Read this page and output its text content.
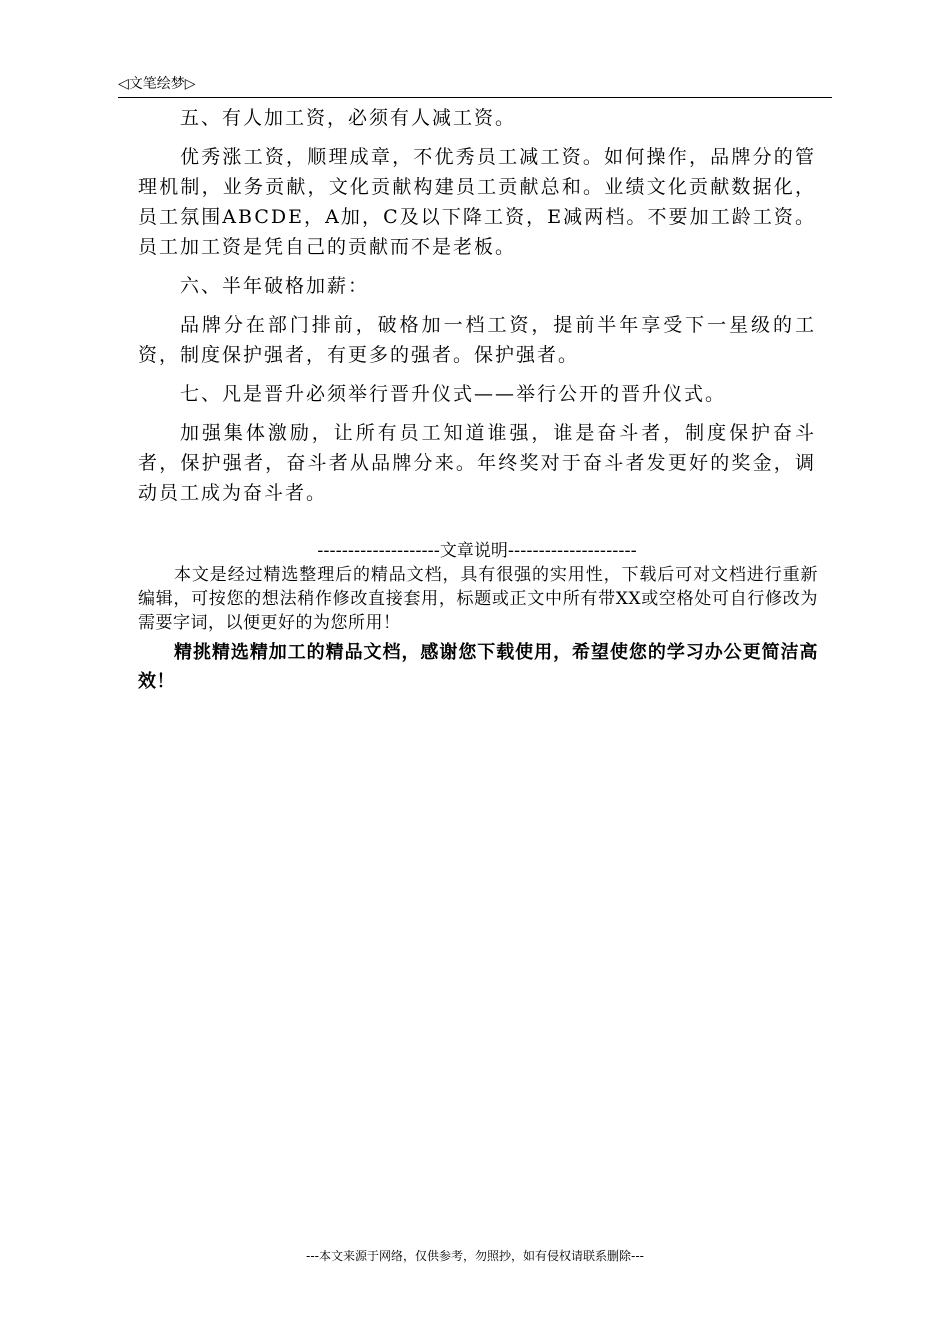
◁文笔绘梦▷

五、有人加工资，必须有人减工资。

优秀涨工资，顺理成章，不优秀员工减工资。如何操作，品牌分的管理机制，业务贡献，文化贡献构建员工贡献总和。业绩文化贡献数据化，员工氛围ABCDE，A加，C及以下降工资，E减两档。不要加工龄工资。员工加工资是凭自己的贡献而不是老板。

六、半年破格加薪：

品牌分在部门排前，破格加一档工资，提前半年享受下一星级的工资，制度保护强者，有更多的强者。保护强者。

七、凡是晋升必须举行晋升仪式——举行公开的晋升仪式。

加强集体激励，让所有员工知道谁强，谁是奋斗者，制度保护奋斗者，保护强者，奋斗者从品牌分来。年终奖对于奋斗者发更好的奖金，调动员工成为奋斗者。

--------------------文章说明---------------------

本文是经过精选整理后的精品文档，具有很强的实用性，下载后可对文档进行重新编辑，可按您的想法稍作修改直接套用，标题或正文中所有带XX或空格处可自行修改为需要字词，以便更好的为您所用！

精挑精选精加工的精品文档，感谢您下载使用，希望使您的学习办公更简洁高效！

---本文来源于网络，仅供参考，勿照抄，如有侵权请联系删除---
